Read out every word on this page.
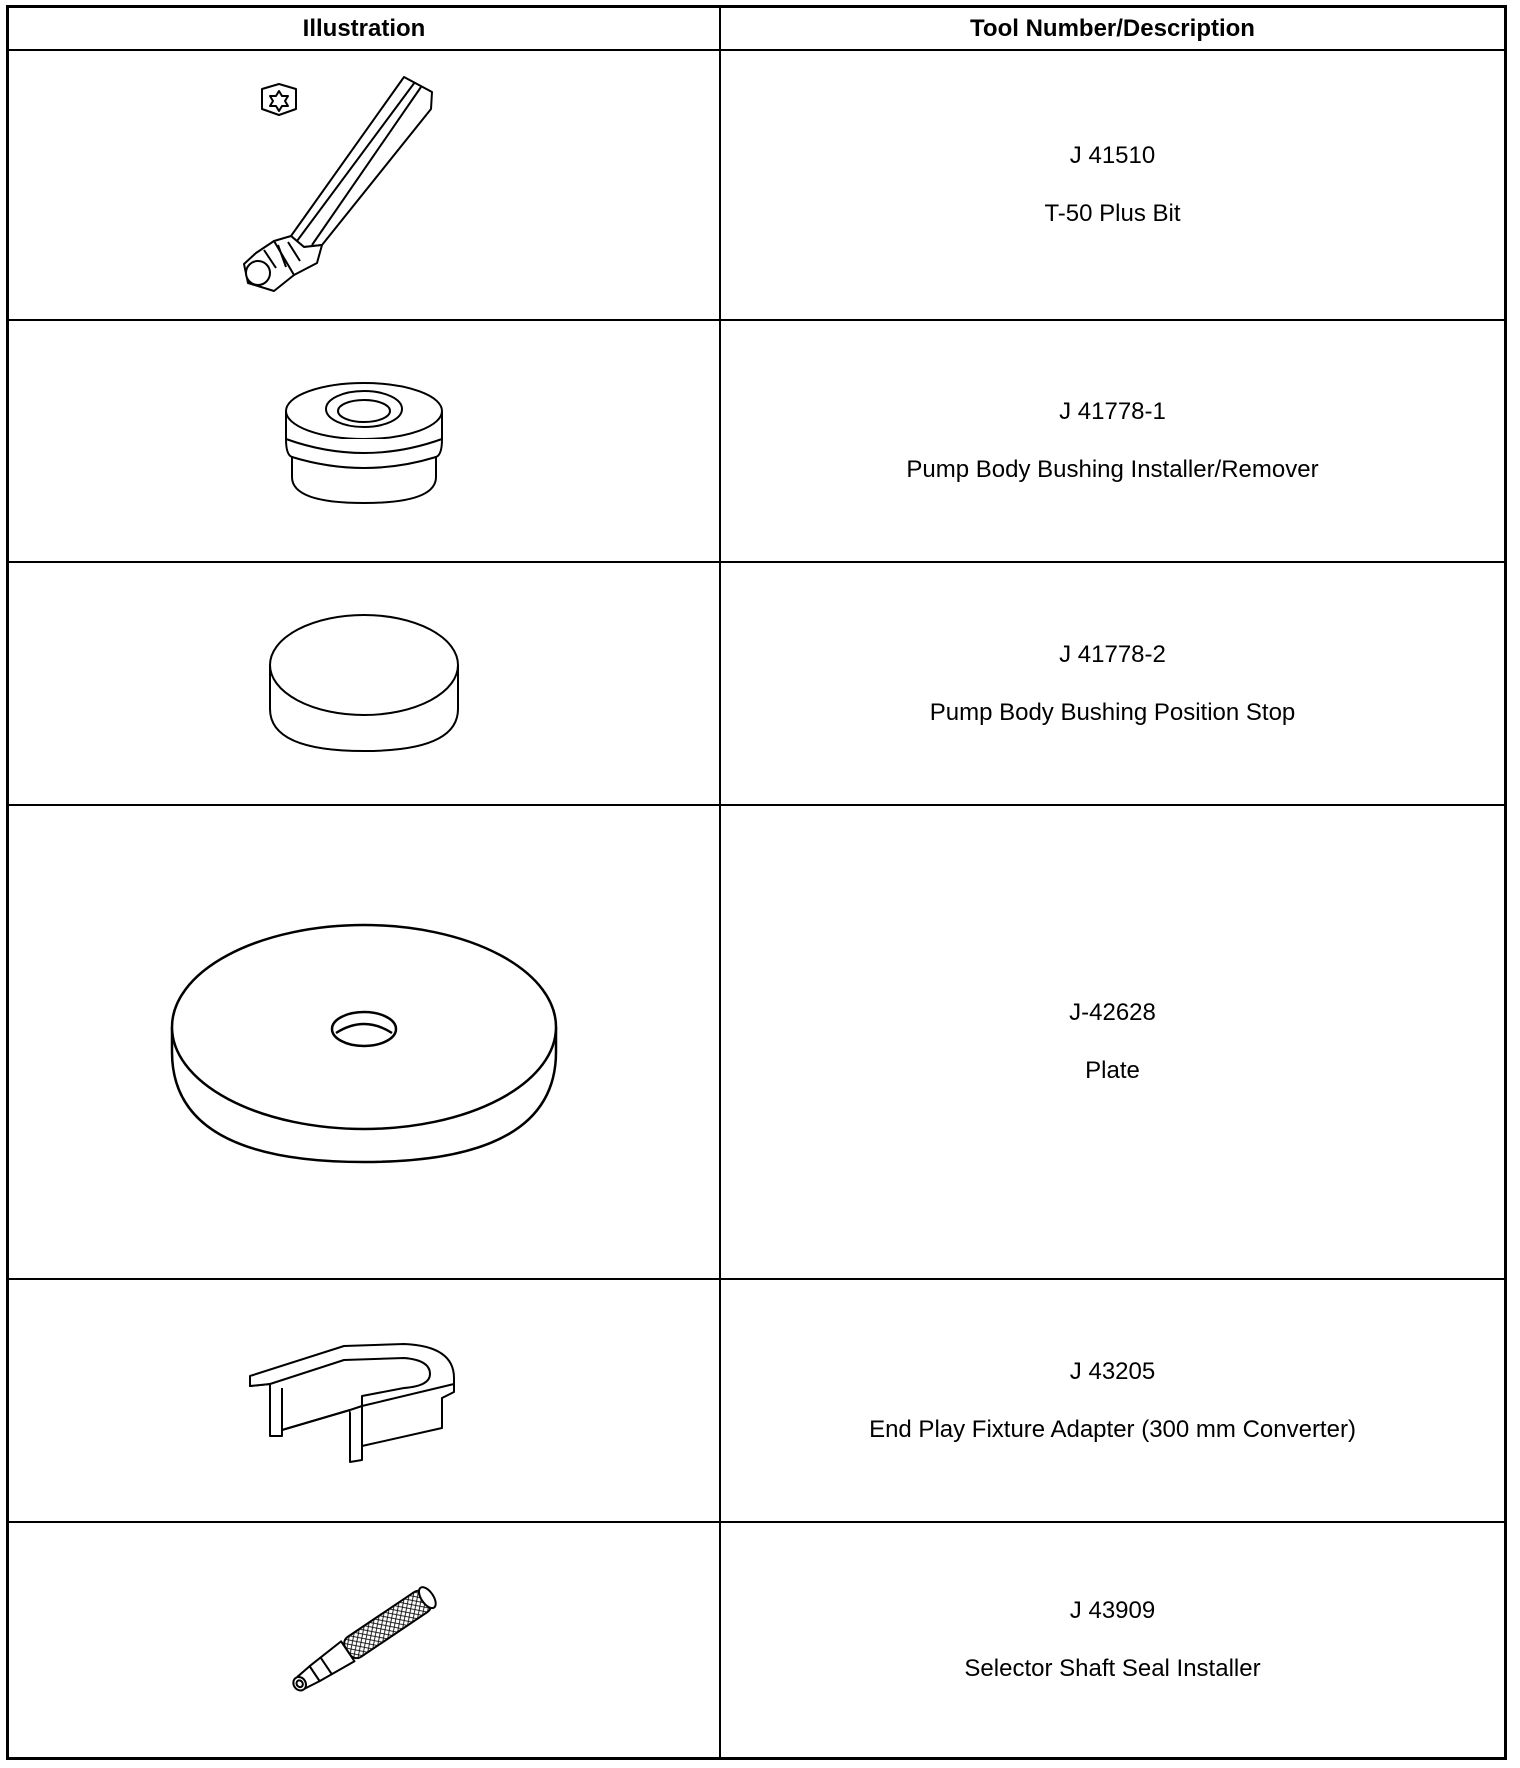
Illustration	Tool Number/Description
J 41510
T-50 Plus Bit
J 41778-1
Pump Body Bushing Installer/Remover
J 41778-2
Pump Body Bushing Position Stop
J-42628
Plate
J 43205
End Play Fixture Adapter (300 mm Converter)
J 43909
Selector Shaft Seal Installer
